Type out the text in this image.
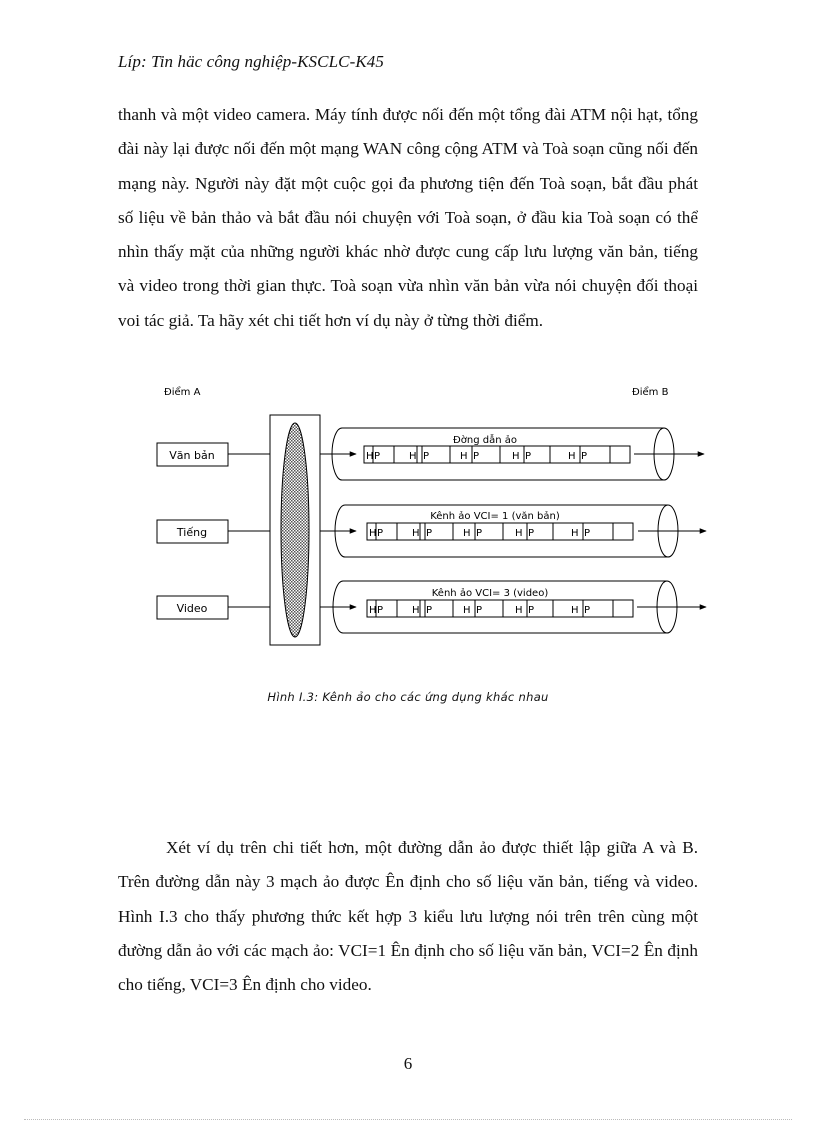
Líp: Tin häc công nghiệp-KSCLC-K45

thanh và một video camera. Máy tính được nối đến một tổng đài ATM nội hạt, tổng đài này lại được nối đến một mạng WAN công cộng ATM và Toà soạn cũng nối đến mạng này. Người này đặt một cuộc gọi đa phương tiện đến Toà soạn, bắt đầu phát số liệu về bản thảo và bắt đầu nói chuyện với Toà soạn, ở đầu kia Toà soạn có thể nhìn thấy mặt của những người khác nhờ được cung cấp lưu lượng văn bản, tiếng và video trong thời gian thực. Toà soạn vừa nhìn văn bản vừa nói chuyện đối thoại voi tác giả. Ta hãy xét chi tiết hơn ví dụ này ở từng thời điểm.

Điểm A	Điểm B
Văn bản
Tiếng
Video
Đờng dẫn ảo
H P	H P	H P	H P	H P
Kênh ảo VCI= 1 (văn bản)
H P	H P	H P	H P	H P
Kênh ảo VCI= 3 (video)
H P	H P	H P	H P	H P
Hình I.3: Kênh ảo cho các ứng dụng khác nhau

Xét ví dụ trên chi tiết hơn, một đường dẫn ảo được thiết lập giữa A và B. Trên đường dẫn này 3 mạch ảo được Ên định cho số liệu văn bản, tiếng và video. Hình I.3 cho thấy phương thức kết hợp 3 kiểu lưu lượng nói trên trên cùng một đường dẫn ảo với các mạch ảo: VCI=1 Ên định cho số liệu văn bản, VCI=2 Ên định cho tiếng, VCI=3 Ên định cho video.

6
